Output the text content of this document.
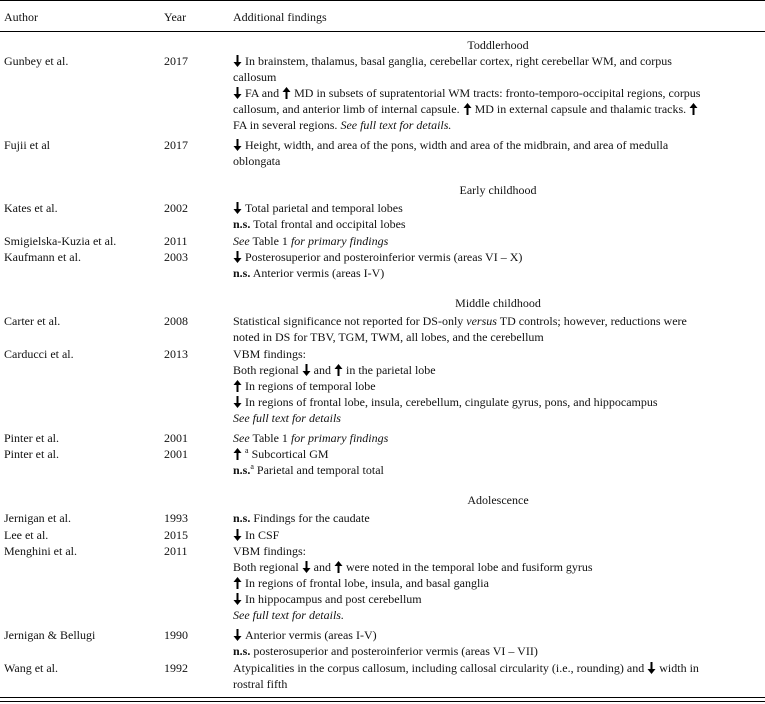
Author	Year	Additional findings
Toddlerhood
Gunbey et al.	2017	In brainstem, thalamus, basal ganglia, cerebellar cortex, right cerebellar WM, and corpus
callosum
FA and MD in subsets of supratentorial WM tracts: fronto-temporo-occipital regions, corpus
callosum, and anterior limb of internal capsule. MD in external capsule and thalamic tracks.
FA in several regions. See full text for details.
Fujii et al	2017	Height, width, and area of the pons, width and area of the midbrain, and area of medulla
oblongata
Early childhood
Kates et al.	2002	Total parietal and temporal lobes
n.s. Total frontal and occipital lobes
Smigielska-Kuzia et al.	2011	See Table 1 for primary findings
Kaufmann et al.	2003	Posterosuperior and posteroinferior vermis (areas VI – X)
n.s. Anterior vermis (areas I-V)
Middle childhood
Carter et al.	2008	Statistical significance not reported for DS-only versus TD controls; however, reductions were
noted in DS for TBV, TGM, TWM, all lobes, and the cerebellum
Carducci et al.	2013	VBM findings:
Both regional and in the parietal lobe
In regions of temporal lobe
In regions of frontal lobe, insula, cerebellum, cingulate gyrus, pons, and hippocampus
See full text for details
Pinter et al.	2001	See Table 1 for primary findings
Pinter et al.	2001	$^a$ Subcortical GM
n.s.$^a$ Parietal and temporal total
Adolescence
Jernigan et al.	1993	n.s. Findings for the caudate
Lee et al.	2015	In CSF
Menghini et al.	2011	VBM findings:
Both regional and were noted in the temporal lobe and fusiform gyrus
In regions of frontal lobe, insula, and basal ganglia
In hippocampus and post cerebellum
See full text for details.
Jernigan & Bellugi	1990	Anterior vermis (areas I-V)
n.s. posterosuperior and posteroinferior vermis (areas VI – VII)
Wang et al.	1992	Atypicalities in the corpus callosum, including callosal circularity (i.e., rounding) and width in
rostral fifth
